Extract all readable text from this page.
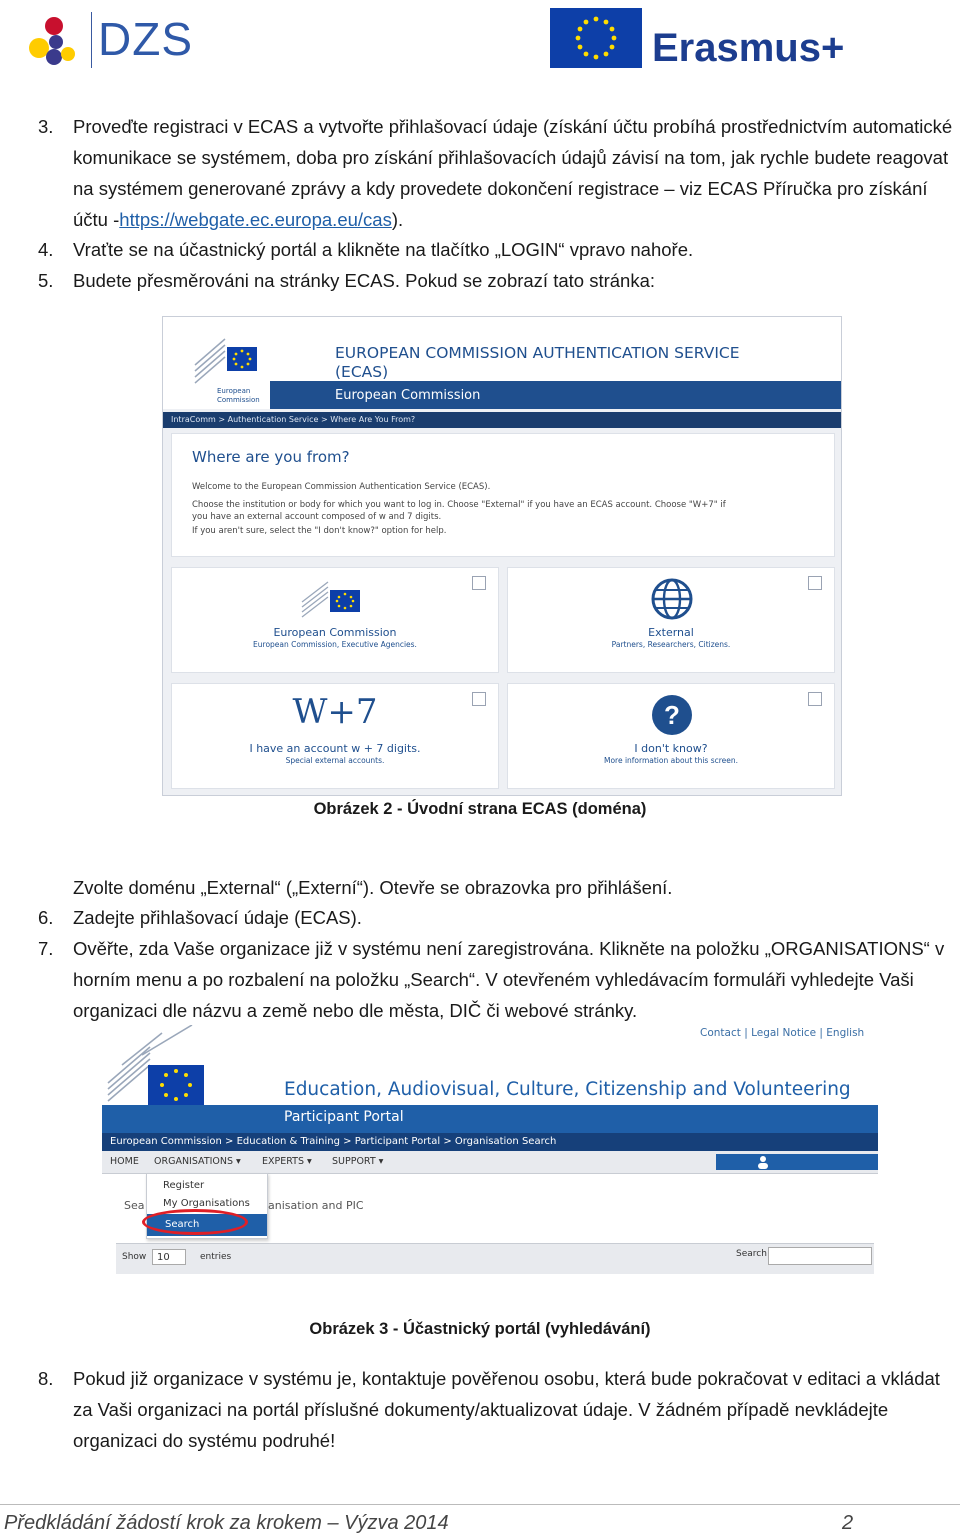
DZS	Erasmus+
3. Proveďte registraci v ECAS a vytvořte přihlašovací údaje (získání účtu probíhá prostřednictvím automatické komunikace se systémem, doba pro získání přihlašovacích údajů závisí na tom, jak rychle budete reagovat na systémem generované zprávy a kdy provedete dokončení registrace – viz ECAS Příručka pro získání účtu -https://webgate.ec.europa.eu/cas).
4. Vraťte se na účastnický portál a klikněte na tlačítko „LOGIN“ vpravo nahoře.
5. Budete přesměrováni na stránky ECAS. Pokud se zobrazí tato stránka:
European Commission
EUROPEAN COMMISSION AUTHENTICATION SERVICE
(ECAS)
European Commission
IntraComm > Authentication Service > Where Are You From?
Where are you from?
Welcome to the European Commission Authentication Service (ECAS).
Choose the institution or body for which you want to log in. Choose "External" if you have an ECAS account. Choose "W+7" if
you have an external account composed of w and 7 digits.
If you aren't sure, select the "I don't know?" option for help.
European Commission
European Commission, Executive Agencies.
External
Partners, Researchers, Citizens.
W+7
I have an account w + 7 digits.
Special external accounts.
?
I don't know?
More information about this screen.
Obrázek 2 - Úvodní strana ECAS (doména)
Zvolte doménu „External“ („Externí“). Otevře se obrazovka pro přihlášení.
6. Zadejte přihlašovací údaje (ECAS).
7. Ověřte, zda Vaše organizace již v systému není zaregistrována. Klikněte na položku „ORGANISATIONS“ v horním menu a po rozbalení na položku „Search“. V otevřeném vyhledávacím formuláři vyhledejte Vaši organizaci dle názvu a země nebo dle města, DIČ či webové stránky.
Contact | Legal Notice | English
Education, Audiovisual, Culture, Citizenship and Volunteering
Participant Portal
European Commission > Education & Training > Participant Portal > Organisation Search
HOME ORGANISATIONS ▾ EXPERTS ▾ SUPPORT ▾
Sea	anisation and PIC
Show	10	entries	Search
Register
My Organisations
Search
Obrázek 3 - Účastnický portál (vyhledávání)
8. Pokud již organizace v systému je, kontaktuje pověřenou osobu, která bude pokračovat v editaci a vkládat za Vaši organizaci na portál příslušné dokumenty/aktualizovat údaje. V žádném případě nevkládejte organizaci do systému podruhé!
Předkládání žádostí krok za krokem – Výzva 2014	2
